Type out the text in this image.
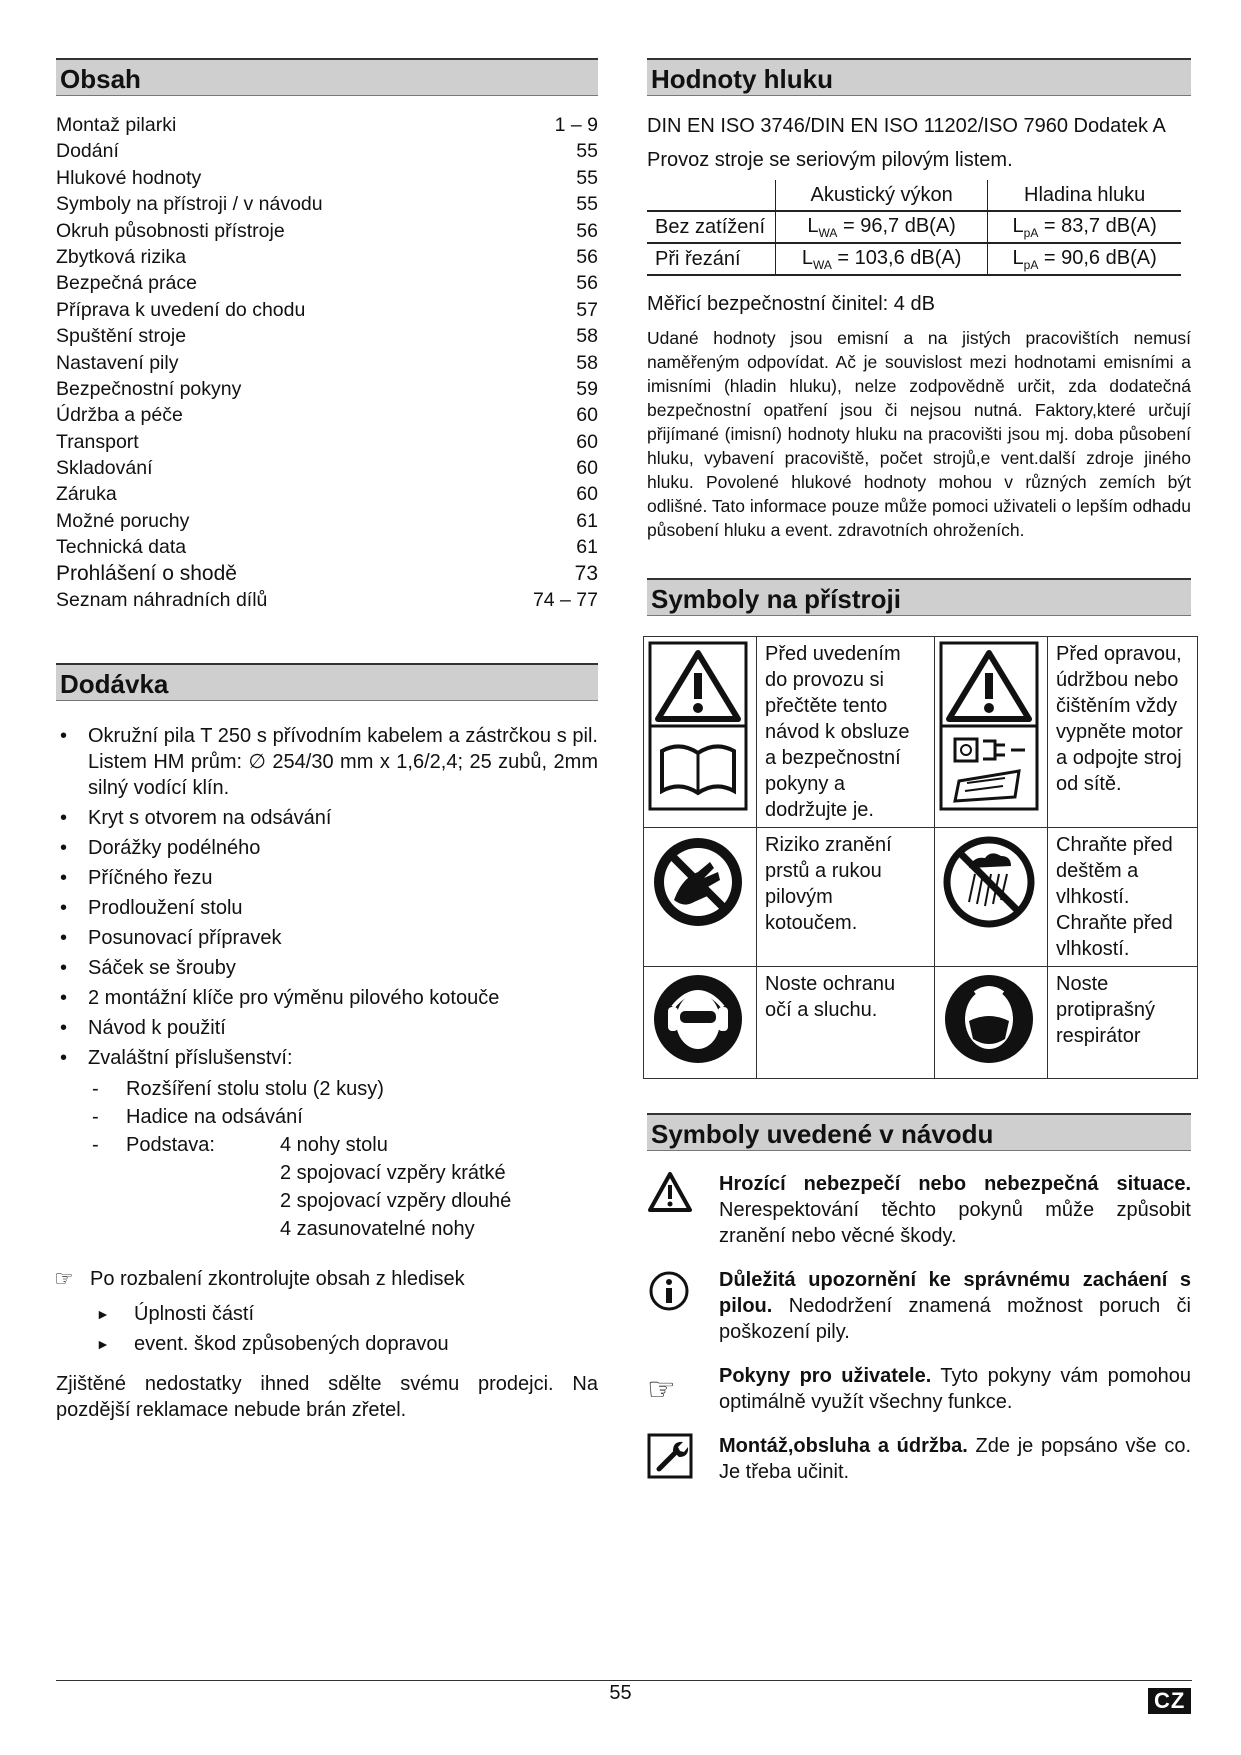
Obsah
Montaž pilarki	1 – 9
Dodání	55
Hlukové hodnoty	55
Symboly na přístroji / v návodu	55
Okruh působnosti přístroje	56
Zbytková rizika	56
Bezpečná práce	56
Příprava k uvedení do chodu	57
Spuštění stroje	58
Nastavení pily	58
Bezpečnostní pokyny	59
Údržba a péče	60
Transport	60
Skladování	60
Záruka	60
Možné poruchy	61
Technická data	61
Prohlášení o shodě	73
Seznam náhradních dílů	74 – 77
Dodávka
• Okružní pila T 250 s přívodním kabelem a zástrčkou s pil. Listem HM prům: ∅ 254/30 mm x 1,6/2,4; 25 zubů, 2mm silný vodící klín.
• Kryt s otvorem na odsávání
• Dorážky podélného
• Příčného řezu
• Prodloužení stolu
• Posunovací přípravek
• Sáček se šrouby
• 2 montážní klíče pro výměnu pilového kotouče
• Návod k použití
• Zvaláštní příslušenství:
- Rozšíření stolu stolu (2 kusy)
- Hadice na odsávání
- Podstava:	4 nohy stolu
2 spojovací vzpěry krátké
2 spojovací vzpěry dlouhé
4 zasunovatelné nohy
☞ Po rozbalení zkontrolujte obsah z hledisek
► Úplnosti částí
► event. škod způsobených dopravou

Zjištěné nedostatky ihned sdělte svému prodejci. Na pozdější reklamace nebude brán zřetel.

Hodnoty hluku

DIN EN ISO 3746/DIN EN ISO 11202/ISO 7960 Dodatek A

Provoz stroje se seriovým pilovým listem.

	Akustický výkon	Hladina hluku
Bez zatížení	$L_{WA} = 96,7$ dB(A)	$L_{pA} = 83,7$ dB(A)
Při řezání	$L_{WA} = 103,6$ dB(A)	$L_{pA} = 90,6$ dB(A)

Měřicí bezpečnostní činitel: 4 dB

Udané hodnoty jsou emisní a na jistých pracovištích nemusí naměřeným odpovídat. Ač je souvislost mezi hodnotami emisními a imisními (hladin hluku), nelze zodpovědně určit, zda dodatečná bezpečnostní opatření jsou či nejsou nutná. Faktory,které určují přijímané (imisní) hodnoty hluku na pracovišti jsou mj. doba působení hluku, vybavení pracoviště, počet strojů,e vent.další zdroje jiného hluku. Povolené hlukové hodnoty mohou v různých zemích být odlišné. Tato informace pouze může pomoci uživateli o lepším odhadu působení hluku a event. zdravotních ohroženích.

Symboly na přístroji
	Před uvedením do provozu si přečtěte tento návod k obsluze a bezpečnostní pokyny a dodržujte je.		Před opravou, údržbou nebo čištěním vždy vypněte motor a odpojte stroj od sítě.
	Riziko zranění prstů a rukou pilovým kotoučem.		Chraňte před deštěm a vlhkostí. Chraňte před vlhkostí.
	Noste ochranu očí a sluchu.		Noste protiprašný respirátor
Symboly uvedené v návodu
Hrozící nebezpečí nebo nebezpečná situace. Nerespektování těchto pokynů může způsobit zranění nebo věcné škody.
Důležitá upozornění ke správnému zacháení s pilou. Nedodržení znamená možnost poruch či poškození pily.
☞	Pokyny pro uživatele. Tyto pokyny vám pomohou optimálně využít všechny funkce.
Montáž,obsluha a údržba. Zde je popsáno vše co. Je třeba učinit.
55	CZ
